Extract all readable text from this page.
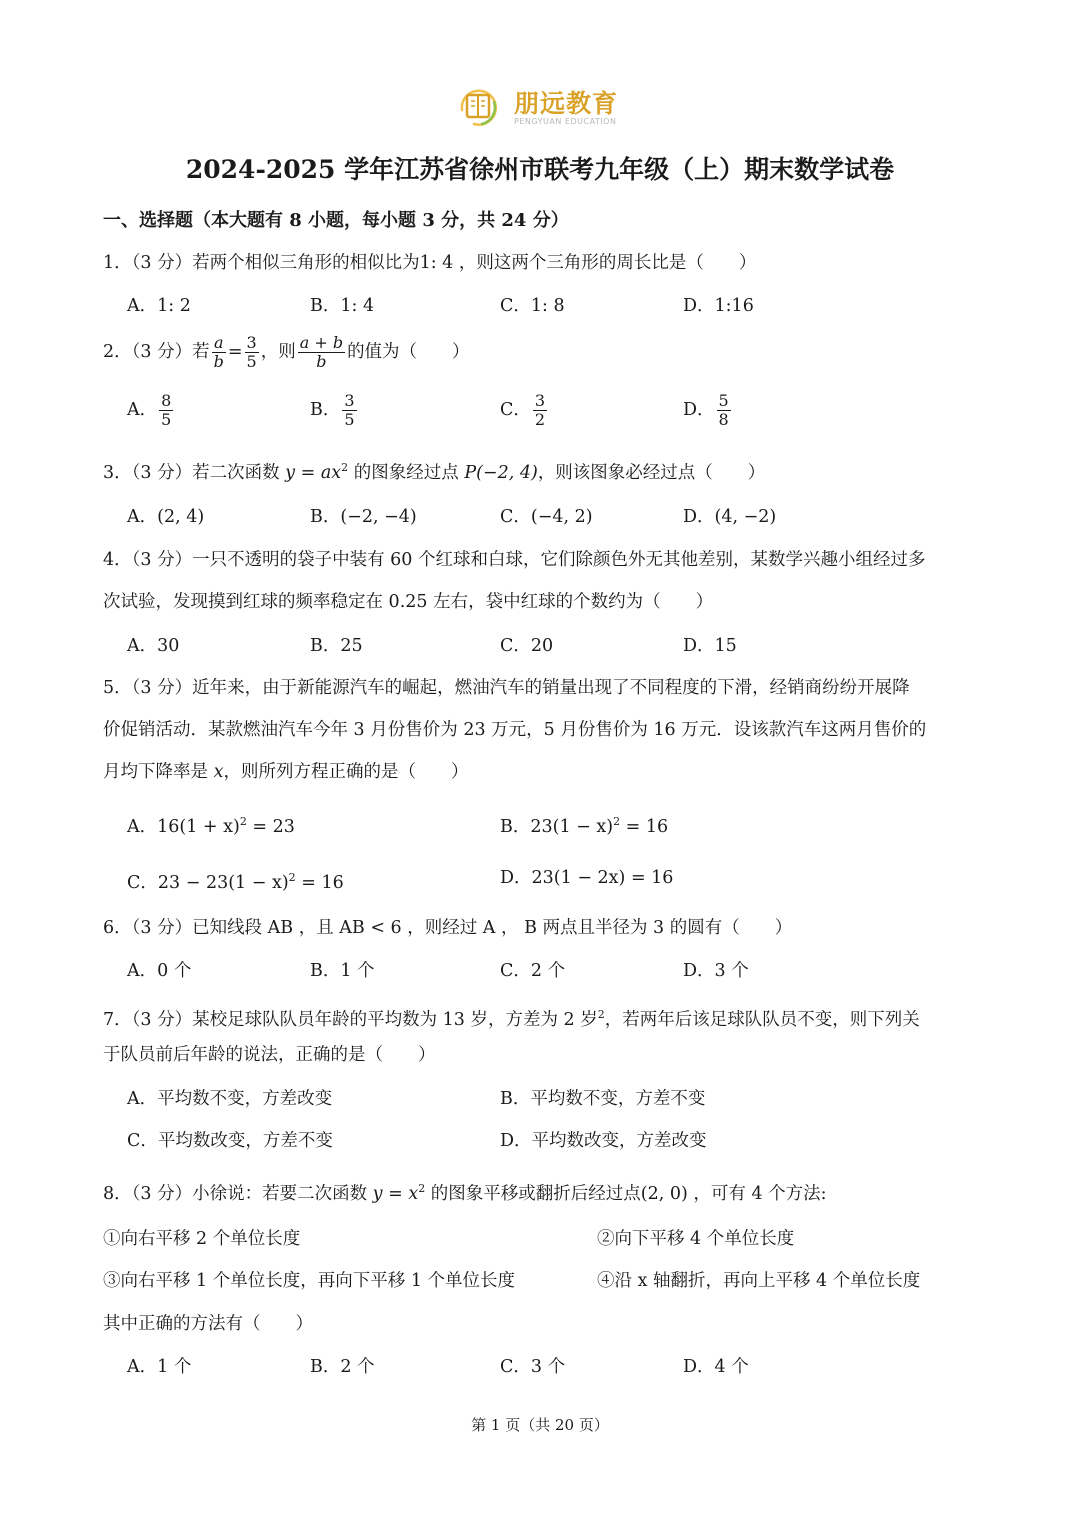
朋远教育
PENGYUAN EDUCATION
2024-2025 学年江苏省徐州市联考九年级（上）期末数学试卷
一、选择题（本大题有 8 小题，每小题 3 分，共 24 分）
1．（3 分）若两个相似三角形的相似比为1: 4 ，则这两个三角形的周长比是（　　）
A．1: 2	B．1: 4	C．1: 8	D．1:16
2．（3 分）若 $\frac{a}{b} = \frac{3}{5}$ ，则 $\frac{a + b}{b}$ 的值为（　　）
A． $\frac{8}{5}$	B． $\frac{3}{5}$	C． $\frac{3}{2}$	D． $\frac{5}{8}$
3．（3 分）若二次函数 $y = ax^2$ 的图象经过点 P(−2, 4)，则该图象必经过点（　　）
A．(2, 4)	B．(−2, −4)	C．(−4, 2)	D．(4, −2)
4．（3 分）一只不透明的袋子中装有 60 个红球和白球，它们除颜色外无其他差别，某数学兴趣小组经过多
次试验，发现摸到红球的频率稳定在 0.25 左右，袋中红球的个数约为（　　）
A．30	B．25	C．20	D．15
5．（3 分）近年来，由于新能源汽车的崛起，燃油汽车的销量出现了不同程度的下滑，经销商纷纷开展降
价促销活动．某款燃油汽车今年 3 月份售价为 23 万元，5 月份售价为 16 万元．设该款汽车这两月售价的
月均下降率是 x，则所列方程正确的是（　　）
A．$16(1 + x)^2 = 23$	B．$23(1 - x)^2 = 16$
C．$23 - 23(1 - x)^2 = 16$	D．23(1 − 2x) = 16
6．（3 分）已知线段 AB ，且 AB < 6 ，则经过 A ， B 两点且半径为 3 的圆有（　　）
A．0 个	B．1 个	C．2 个	D．3 个
7．（3 分）某校足球队队员年龄的平均数为 13 岁，方差为 2 岁$^2$，若两年后该足球队队员不变，则下列关
于队员前后年龄的说法，正确的是（　　）
A．平均数不变，方差改变	B．平均数不变，方差不变
C．平均数改变，方差不变	D．平均数改变，方差改变
8．（3 分）小徐说：若要二次函数 $y = x^2$ 的图象平移或翻折后经过点(2, 0) ，可有 4 个方法:
①向右平移 2 个单位长度	②向下平移 4 个单位长度
③向右平移 1 个单位长度，再向下平移 1 个单位长度	④沿 x 轴翻折，再向上平移 4 个单位长度
其中正确的方法有（　　）
A．1 个	B．2 个	C．3 个	D．4 个
第 1 页（共 20 页）
